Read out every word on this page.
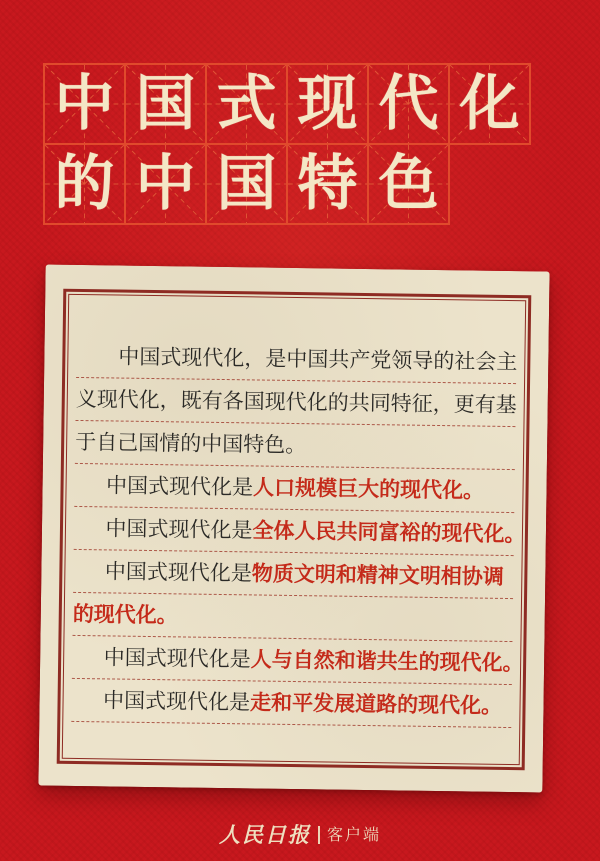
中 国 式 现 代 化
的 中 国 特 色
中国式现代化，是中国共产党领导的社会主
义现代化，既有各国现代化的共同特征，更有基
于自己国情的中国特色。
中国式现代化是人口规模巨大的现代化。
中国式现代化是全体人民共同富裕的现代化。
中国式现代化是物质文明和精神文明相协调
的现代化。
中国式现代化是人与自然和谐共生的现代化。
中国式现代化是走和平发展道路的现代化。
人民日报 客户端
